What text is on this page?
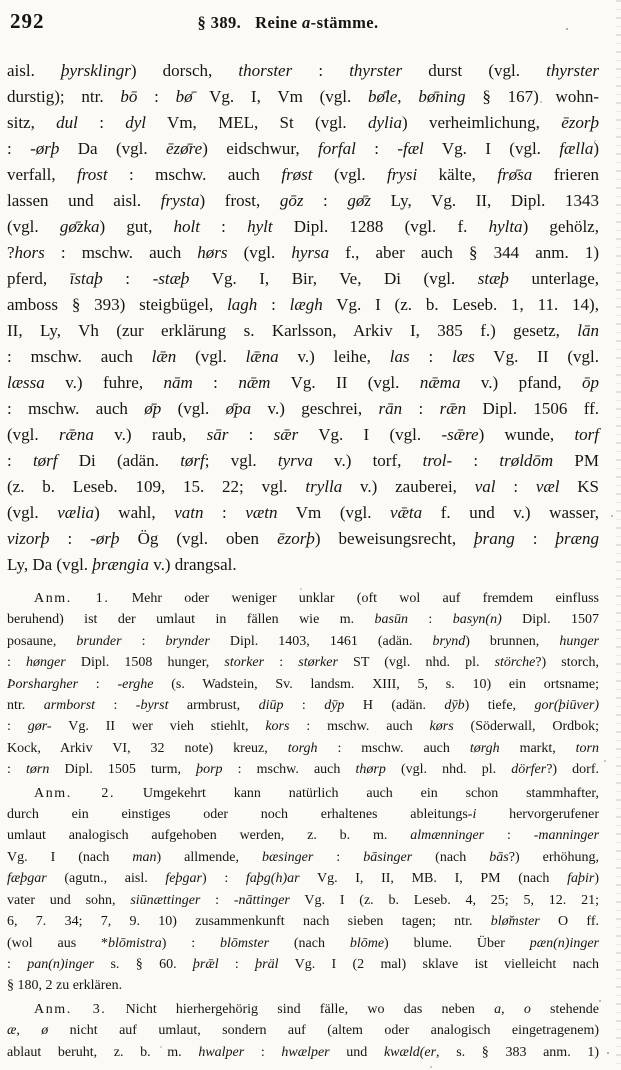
292	§ 389. Reine a-stämme.
aisl. þyrsklingr) dorsch, thorster : thyrster durst (vgl. thyrster
durstig); ntr. bō : bø̄ Vg. I, Vm (vgl. bø̄le, bø̄ning § 167) wohn-
sitz, dul : dyl Vm, MEL, St (vgl. dylia) verheimlichung, ēzorþ
: -ørþ Da (vgl. ēzø̄re) eidschwur, forfal : -fæl Vg. I (vgl. fælla)
verfall, frost : mschw. auch frøst (vgl. frysi kälte, frø̄sa frieren
lassen und aisl. frysta) frost, gōz : gø̄z Ly, Vg. II, Dipl. 1343
(vgl. gø̄zka) gut, holt : hylt Dipl. 1288 (vgl. f. hylta) gehölz,
?hors : mschw. auch hørs (vgl. hyrsa f., aber auch § 344 anm. 1)
pferd, īstaþ : -stæþ Vg. I, Bir, Ve, Di (vgl. stæþ unterlage,
amboss § 393) steigbügel, lagh : lægh Vg. I (z. b. Leseb. 1, 11. 14),
II, Ly, Vh (zur erklärung s. Karlsson, Arkiv I, 385 f.) gesetz, lān
: mschw. auch lǣn (vgl. lǣna v.) leihe, las : læs Vg. II (vgl.
læssa v.) fuhre, nām : nǣm Vg. II (vgl. nǣma v.) pfand, ōp
: mschw. auch ø̄p (vgl. ø̄pa v.) geschrei, rān : rǣn Dipl. 1506 ff.
(vgl. rǣna v.) raub, sār : sǣr Vg. I (vgl. -sǣre) wunde, torf
: tørf Di (adän. tørf; vgl. tyrva v.) torf, trol- : trøldōm PM
(z. b. Leseb. 109, 15. 22; vgl. trylla v.) zauberei, val : væl KS
(vgl. vælia) wahl, vatn : vætn Vm (vgl. vǣta f. und v.) wasser,
vizorþ : -ørþ Ög (vgl. oben ēzorþ) beweisungsrecht, þrang : þræng
Ly, Da (vgl. þrængia v.) drangsal.
Anm. 1. Mehr oder weniger unklar (oft wol auf fremdem einfluss
beruhend) ist der umlaut in fällen wie m. basūn : basyn(n) Dipl. 1507
posaune, brunder : brynder Dipl. 1403, 1461 (adän. brynd) brunnen, hunger
: hønger Dipl. 1508 hunger, storker : størker ST (vgl. nhd. pl. störche?) storch,
Þorshargher : -erghe (s. Wadstein, Sv. landsm. XIII, 5, s. 10) ein ortsname;
ntr. armborst : -byrst armbrust, diūp : dȳp H (adän. dȳb) tiefe, gor(þiūver)
: gør- Vg. II wer vieh stiehlt, kors : mschw. auch kørs (Söderwall, Ordbok;
Kock, Arkiv VI, 32 note) kreuz, torgh : mschw. auch tørgh markt, torn
: tørn Dipl. 1505 turm, þorp : mschw. auch thørp (vgl. nhd. pl. dörfer?) dorf.
Anm. 2. Umgekehrt kann natürlich auch ein schon stammhafter,
durch ein einstiges oder noch erhaltenes ableitungs-i hervorgerufener
umlaut analogisch aufgehoben werden, z. b. m. almænninger : -manninger
Vg. I (nach man) allmende, bæsinger : bāsinger (nach bās?) erhöhung,
fæþgar (agutn., aisl. feþgar) : faþg(h)ar Vg. I, II, MB. I, PM (nach faþir)
vater und sohn, siūnættinger : -nāttinger Vg. I (z. b. Leseb. 4, 25; 5, 12. 21;
6, 7. 34; 7, 9. 10) zusammenkunft nach sieben tagen; ntr. blø̆mster O ff.
(wol aus *blōmistra) : blōmster (nach blōme) blume. Über pæn(n)inger
: pan(n)inger s. § 60. þrǣl : þräl Vg. I (2 mal) sklave ist vielleicht nach
§ 180, 2 zu erklären.
Anm. 3. Nicht hierhergehörig sind fälle, wo das neben a, o stehende
æ, ø nicht auf umlaut, sondern auf (altem oder analogisch eingetragenem)
ablaut beruht, z. b. m. hwalper : hwælper und kwæld(er, s. § 383 anm. 1)
